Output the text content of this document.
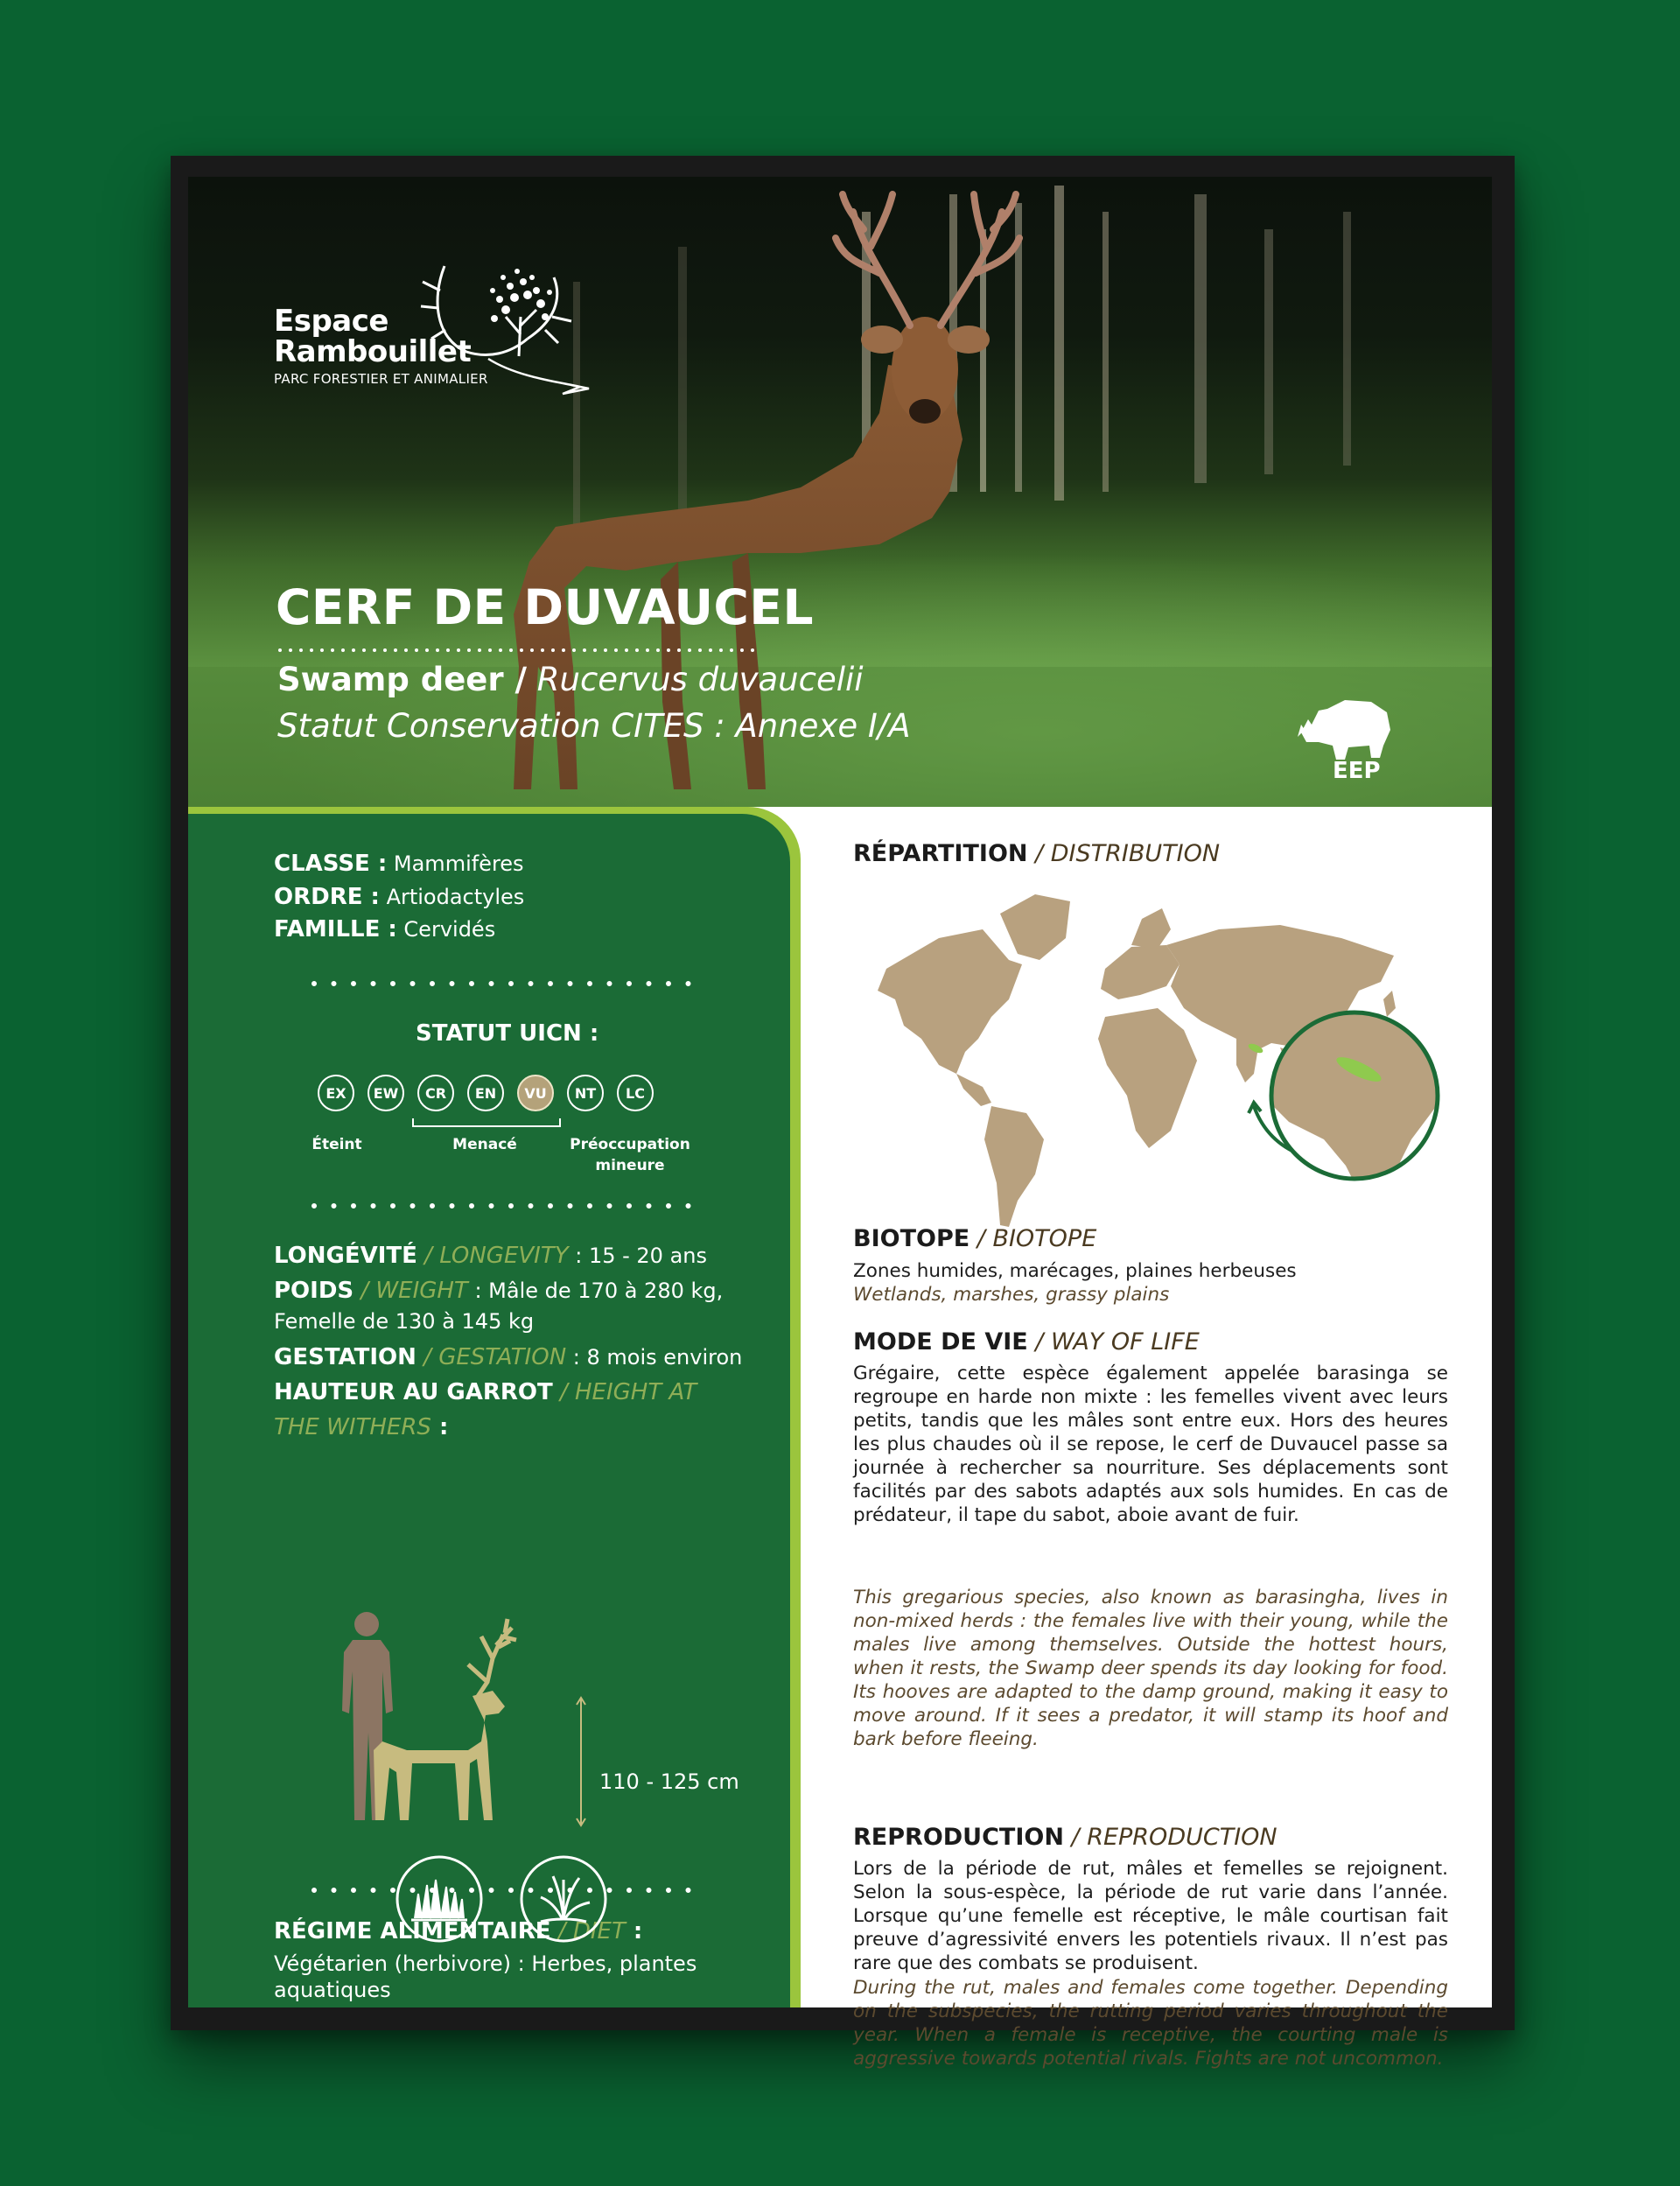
Espace Rambouillet
PARC FORESTIER ET ANIMALIER
CERF DE DUVAUCEL
Swamp deer / Rucervus duvaucelii
Statut Conservation CITES : Annexe I/A
EEP
CLASSE : Mammifères
ORDRE : Artiodactyles
FAMILLE : Cervidés
STATUT UICN :
EX	EW	CR	EN	VU	NT	LC
Éteint	Menacé	Préoccupation
mineure
LONGÉVITÉ / LONGEVITY : 15 - 20 ans
POIDS / WEIGHT : Mâle de 170 à 280 kg,
Femelle de 130 à 145 kg
GESTATION / GESTATION : 8 mois environ
HAUTEUR AU GARROT / HEIGHT AT
THE WITHERS :
110 - 125 cm
RÉGIME ALIMENTAIRE / DIET :
RÉPARTITION / DISTRIBUTION
BIOTOPE / BIOTOPE
Zones humides, marécages, plaines herbeuses
Wetlands, marshes, grassy plains
MODE DE VIE / WAY OF LIFE
Grégaire, cette espèce également appelée barasinga se regroupe en harde non mixte : les femelles vivent avec leurs petits, tandis que les mâles sont entre eux. Hors des heures les plus chaudes où il se repose, le cerf de Duvaucel passe sa journée à rechercher sa nourriture. Ses déplacements sont facilités par des sabots adaptés aux sols humides. En cas de prédateur, il tape du sabot, aboie avant de fuir.
This gregarious species, also known as barasingha, lives in non-mixed herds : the females live with their young, while the males live among themselves. Outside the hottest hours, when it rests, the Swamp deer spends its day looking for food. Its hooves are adapted to the damp ground, making it easy to move around. If it sees a predator, it will stamp its hoof and bark before fleeing.
REPRODUCTION / REPRODUCTION
Lors de la période de rut, mâles et femelles se rejoignent. Selon la sous-espèce, la période de rut varie dans l’année. Lorsque qu’une femelle est réceptive, le mâle courtisan fait preuve d’agressivité envers les potentiels rivaux. Il n’est pas rare que des combats se produisent.
During the rut, males and females come together. Depending on the subspecies, the rutting period varies throughout the year. When a female is receptive, the courting male is aggressive towards potential rivals. Fights are not uncommon.
Végétarien (herbivore) : Herbes, plantes
aquatiques
